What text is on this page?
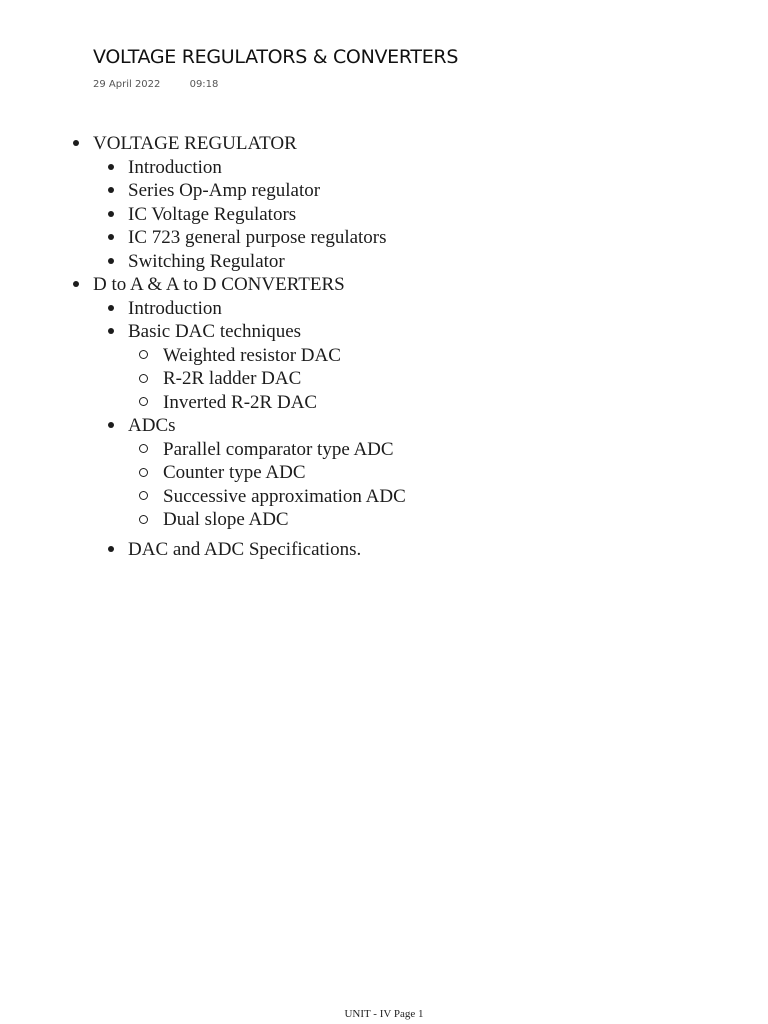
VOLTAGE REGULATORS & CONVERTERS
29 April 2022	09:18
VOLTAGE REGULATOR
Introduction
Series Op-Amp regulator
IC Voltage Regulators
IC 723 general purpose regulators
Switching Regulator
D to A & A to D CONVERTERS
Introduction
Basic DAC techniques
Weighted resistor DAC
R-2R ladder DAC
Inverted R-2R DAC
ADCs
Parallel comparator type ADC
Counter type ADC
Successive approximation ADC
Dual slope ADC
DAC and ADC Specifications.
UNIT - IV Page 1
